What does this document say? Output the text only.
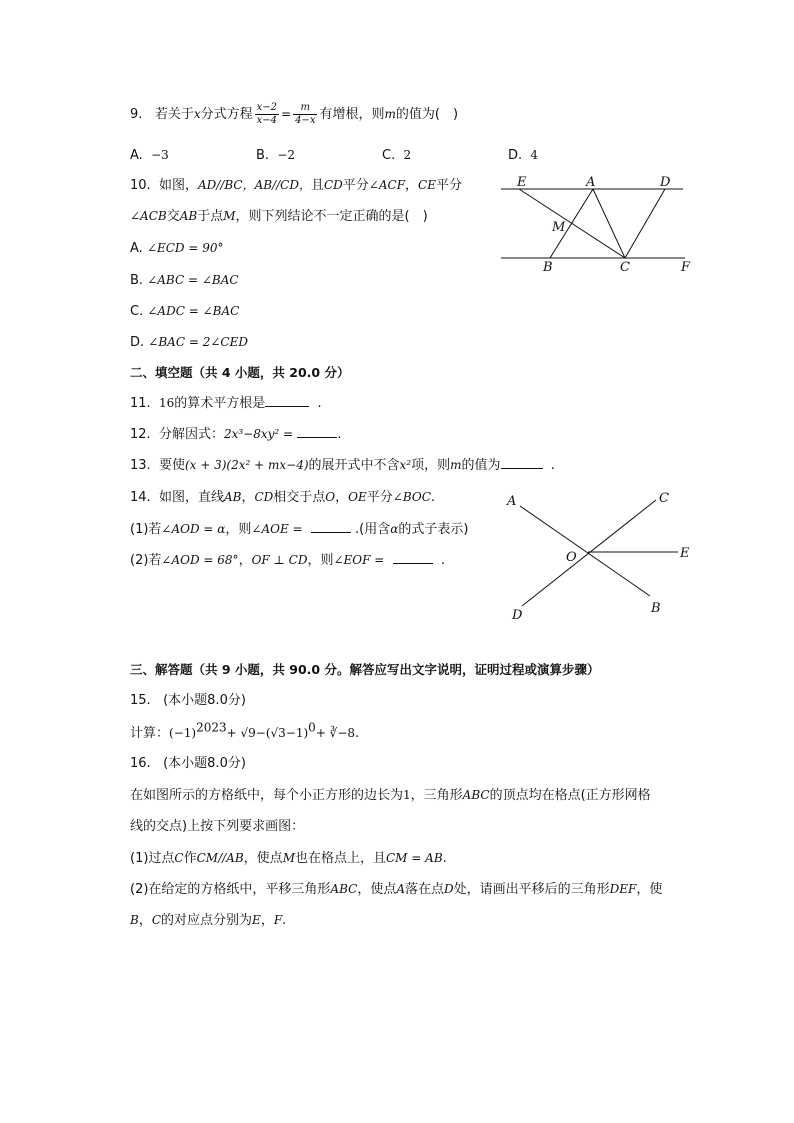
9. 若关于x分式方程 $\frac{x-2}{x-4} = \frac{m}{4-x}$ 有增根，则m的值为(　)
A. −3	B. −2	C. 2	D. 4
10. 如图，AD//BC，AB//CD，且CD平分∠ACF，CE平分
∠ACB交AB于点M，则下列结论不一定正确的是(　)
A. ∠ECD = 90°
B. ∠ABC = ∠BAC
C. ∠ADC = ∠BAC
D. ∠BAC = 2∠CED
E	A	D
M
B	C	F
二、填空题（共 4 小题，共 20.0 分）
11. 16的算术平方根是	.
12. 分解因式：2x³−8xy² =	.
13. 要使(x + 3)(2x² + mx−4)的展开式中不含x²项，则m的值为	.
14. 如图，直线AB，CD相交于点O，OE平分∠BOC.
(1)若∠AOD = α，则∠AOE =	.(用含α的式子表示)
(2)若∠AOD = 68°，OF ⊥ CD，则∠EOF =	.
A	C
O	E
D	B
三、解答题（共 9 小题，共 90.0 分。解答应写出文字说明，证明过程或演算步骤）
15. (本小题8.0分)
计算：$(-1)^{2023}+ √9-(√3-1)^0+$ ∛−8.
16. (本小题8.0分)
在如图所示的方格纸中，每个小正方形的边长为1，三角形ABC的顶点均在格点(正方形网格
线的交点)上按下列要求画图：
(1)过点C作CM//AB，使点M也在格点上，且CM = AB.
(2)在给定的方格纸中，平移三角形ABC，使点A落在点D处，请画出平移后的三角形DEF，使
B，C的对应点分别为E，F.
